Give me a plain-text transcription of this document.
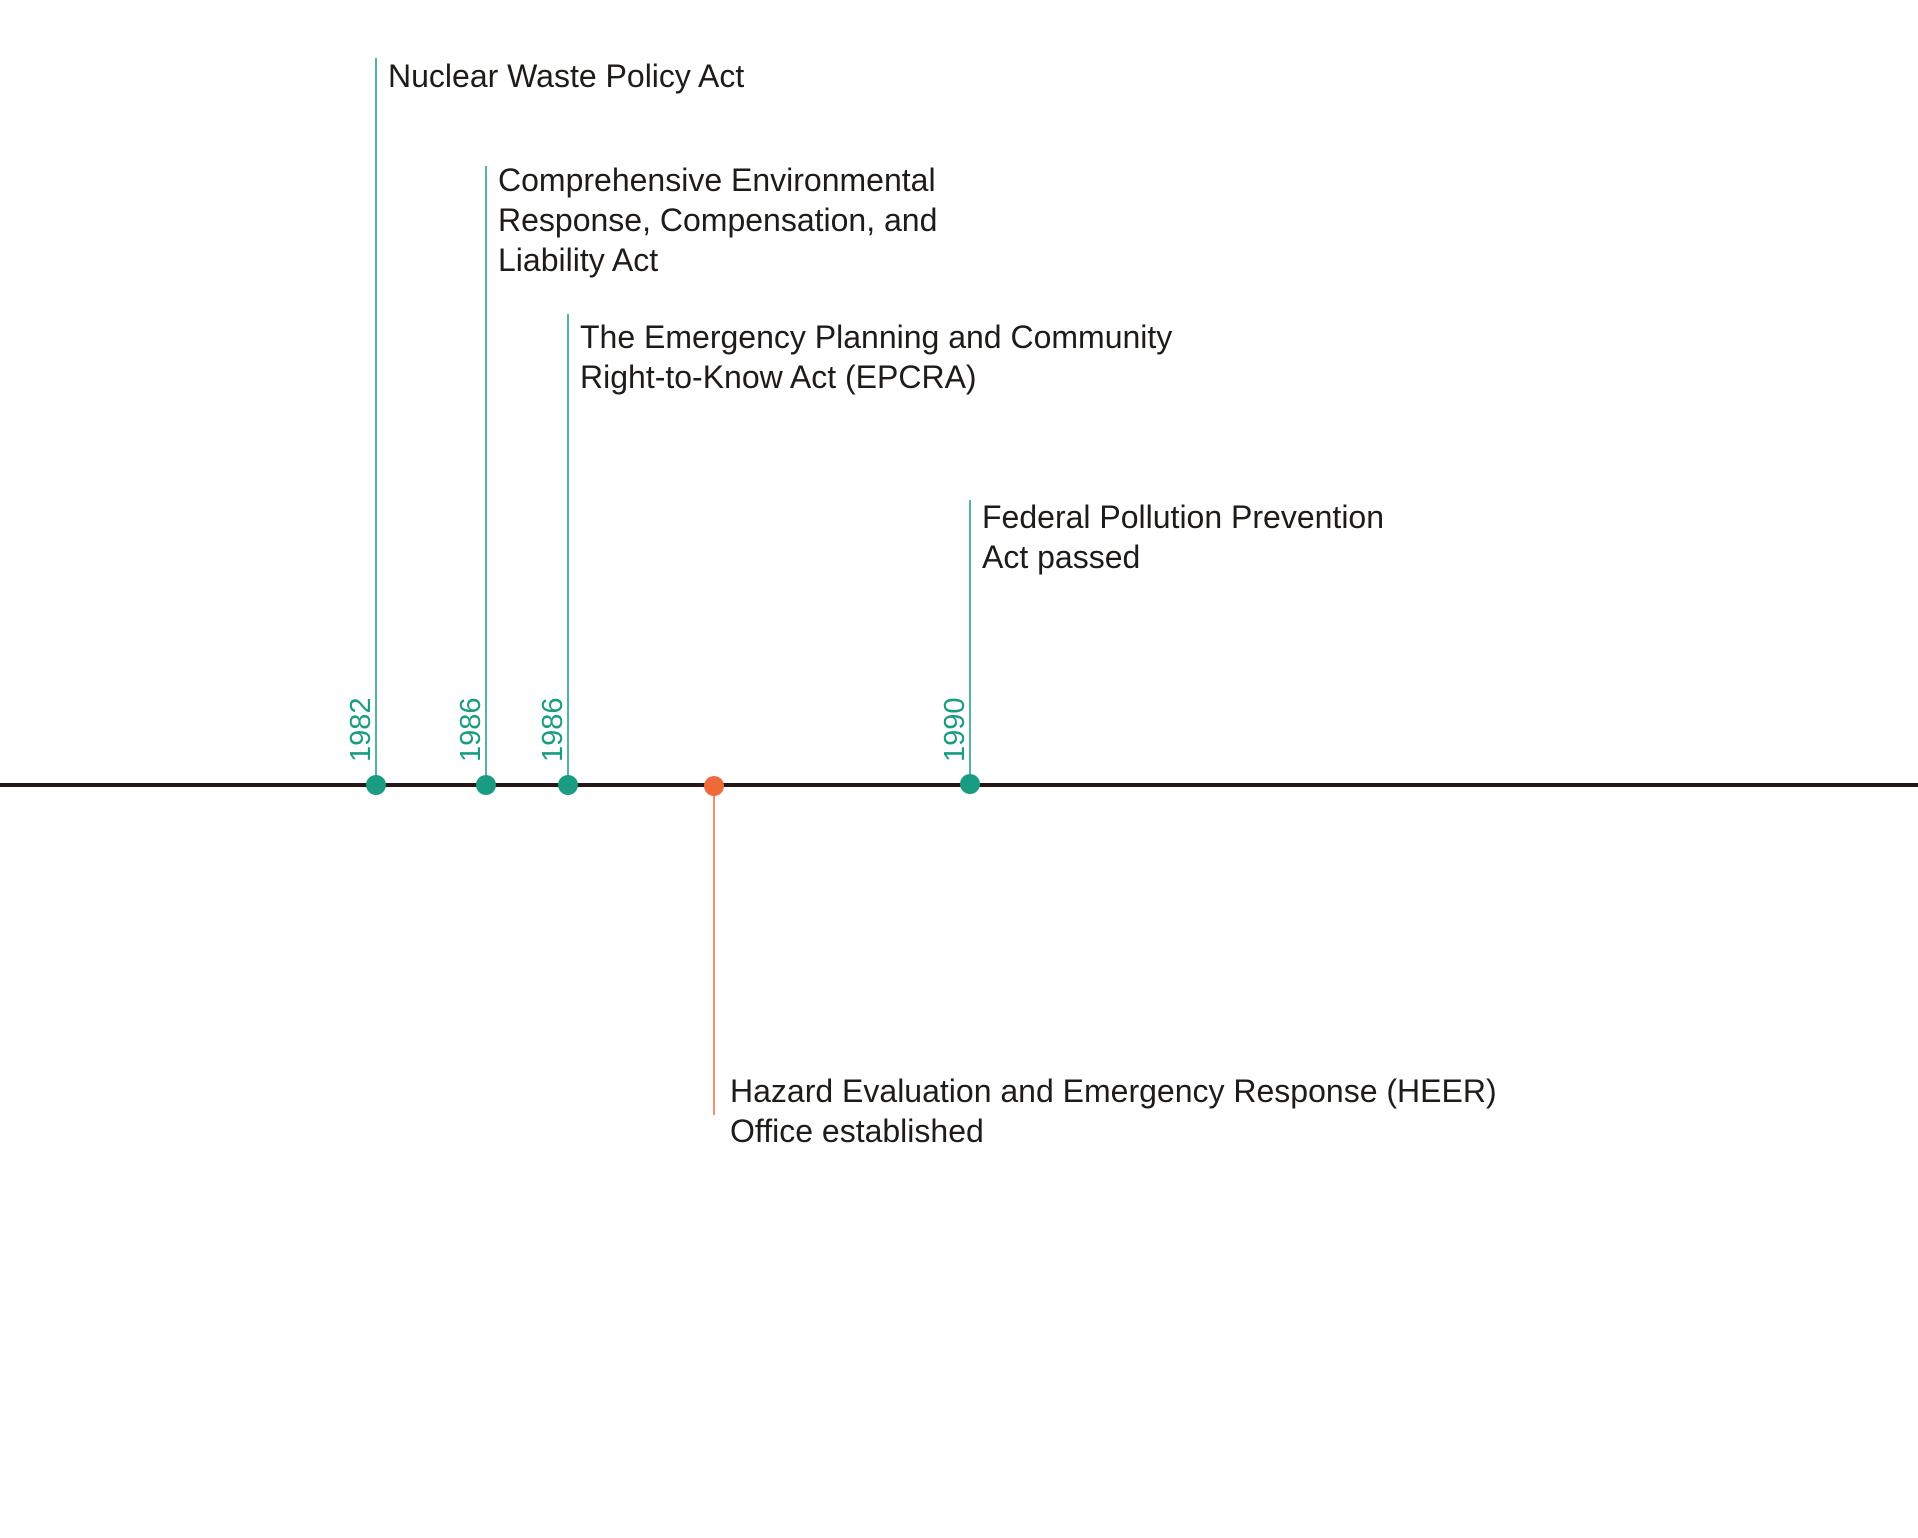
1982	1986 1986	1990
Nuclear Waste Policy Act
Comprehensive Environmental
Response, Compensation, and
Liability Act
The Emergency Planning and Community
Right-to-Know Act (EPCRA)
Federal Pollution Prevention
Act passed
Hazard Evaluation and Emergency Response (HEER)
Office established
